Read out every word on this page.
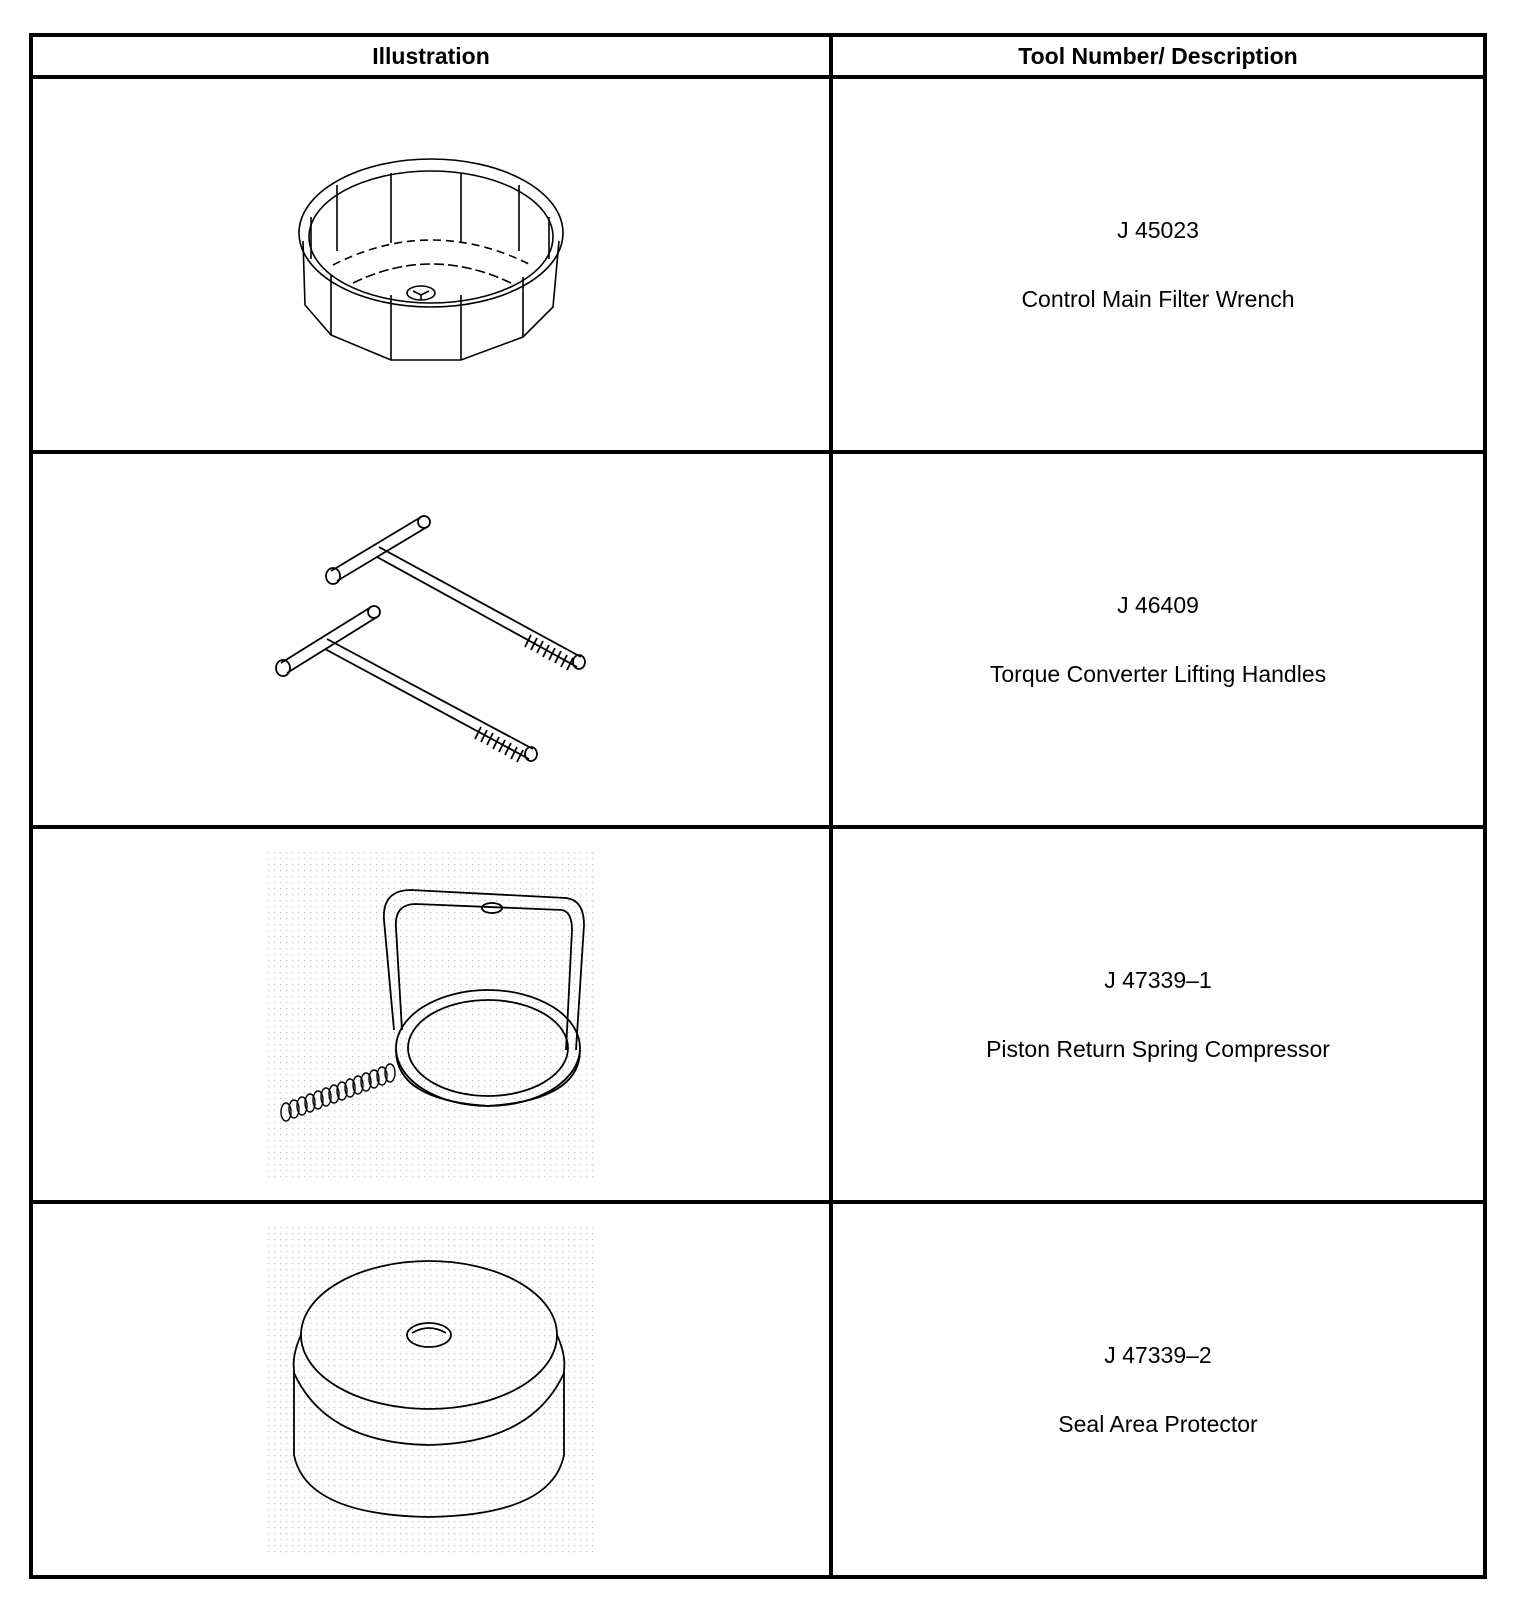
Illustration	Tool Number/ Description

J 45023
Control Main Filter Wrench

J 46409
Torque Converter Lifting Handles

J 47339–1
Piston Return Spring Compressor

J 47339–2
Seal Area Protector
